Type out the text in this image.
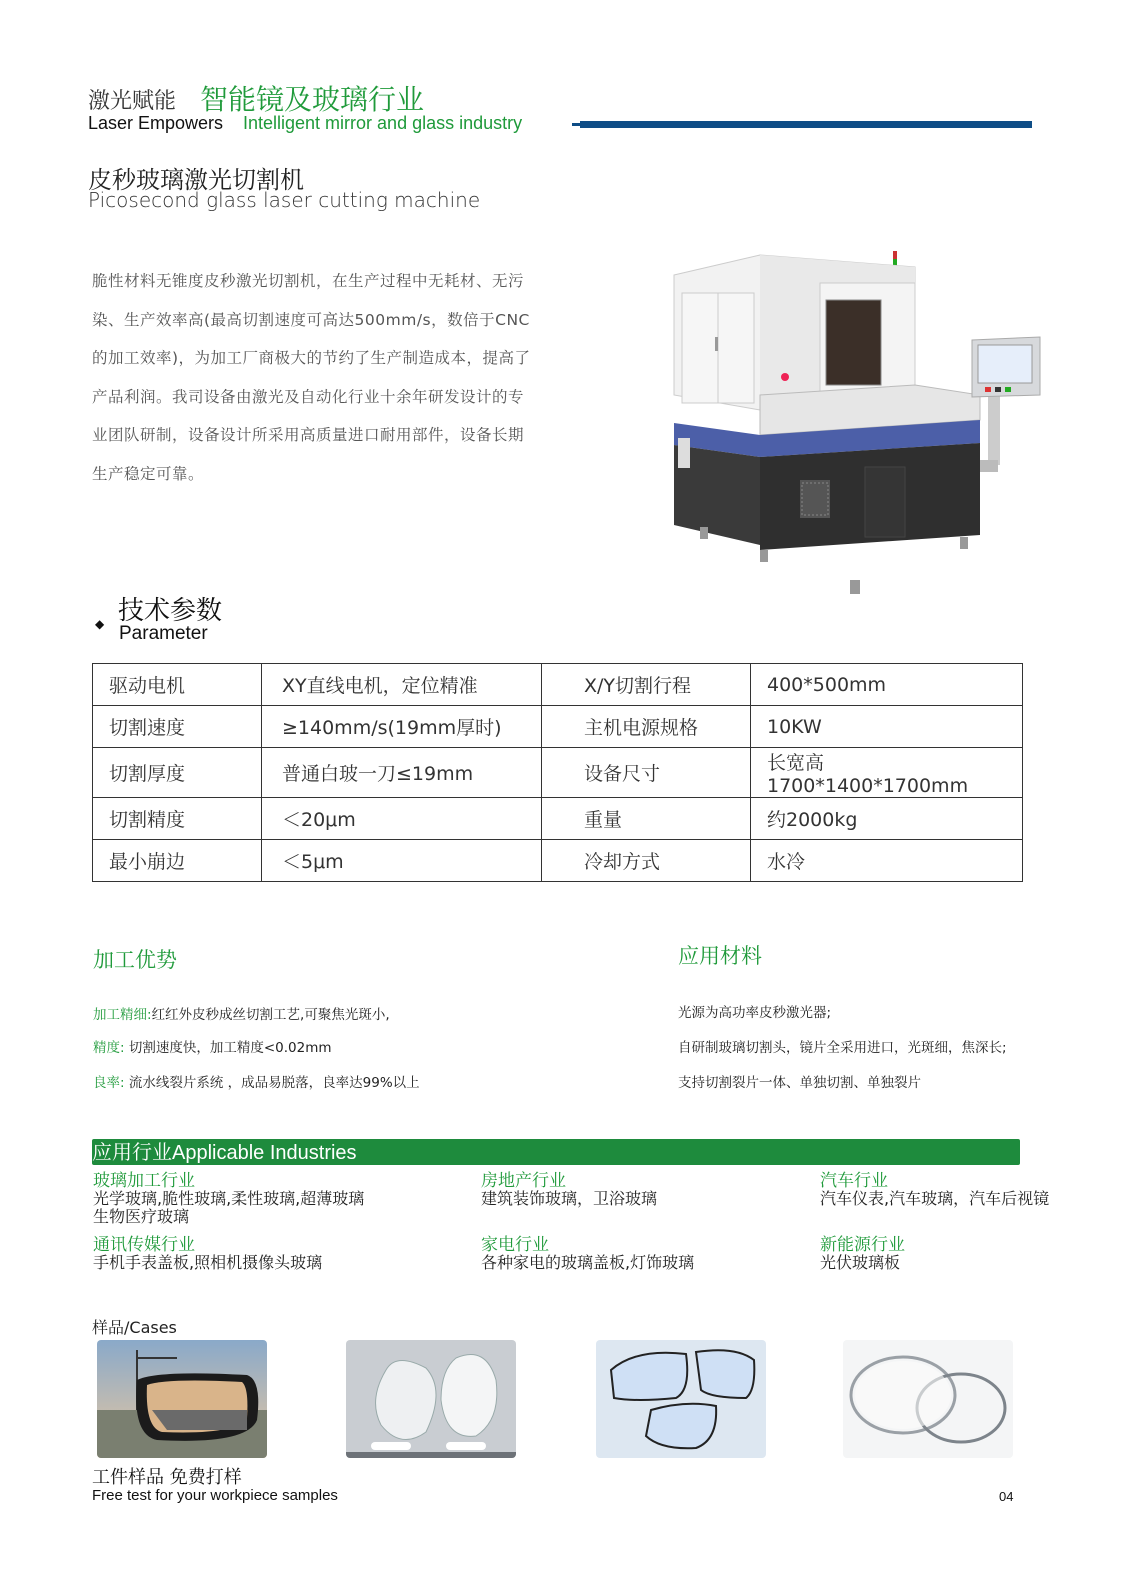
激光赋能 智能镜及玻璃行业
Laser Empowers Intelligent mirror and glass industry
皮秒玻璃激光切割机
Picosecond glass laser cutting machine
脆性材料无锥度皮秒激光切割机，在生产过程中无耗材、无污
染、生产效率高(最高切割速度可高达500mm/s，数倍于CNC
的加工效率)，为加工厂商极大的节约了生产制造成本，提高了
产品利润。我司设备由激光及自动化行业十余年研发设计的专
业团队研制，设备设计所采用高质量进口耐用部件，设备长期
生产稳定可靠。
◆ 技术参数
Parameter
驱动电机	XY直线电机，定位精准	X/Y切割行程	400*500mm
切割速度	≥140mm/s(19mm厚时)	主机电源规格	10KW
切割厚度	普通白玻一刀≤19mm	设备尺寸	长宽高1700*1400*1700mm
切割精度	＜20μm	重量	约2000kg
最小崩边	＜5μm	冷却方式	水冷
加工优势
加工精细:红红外皮秒成丝切割工艺,可聚焦光斑小,
精度: 切割速度快，加工精度<0.02mm
良率: 流水线裂片系统 ，成品易脱落，良率达99%以上
应用材料
光源为高功率皮秒激光器;
自研制玻璃切割头，镜片全采用进口，光斑细，焦深长;
支持切割裂片一体、单独切割、单独裂片
应用行业Applicable Industries
玻璃加工行业
光学玻璃,脆性玻璃,柔性玻璃,超薄玻璃
生物医疗玻璃
房地产行业
建筑装饰玻璃，卫浴玻璃
汽车行业
汽车仪表,汽车玻璃，汽车后视镜
通讯传媒行业
手机手表盖板,照相机摄像头玻璃
家电行业
各种家电的玻璃盖板,灯饰玻璃
新能源行业
光伏玻璃板
样品/Cases
工件样品 免费打样
Free test for your workpiece samples	04
